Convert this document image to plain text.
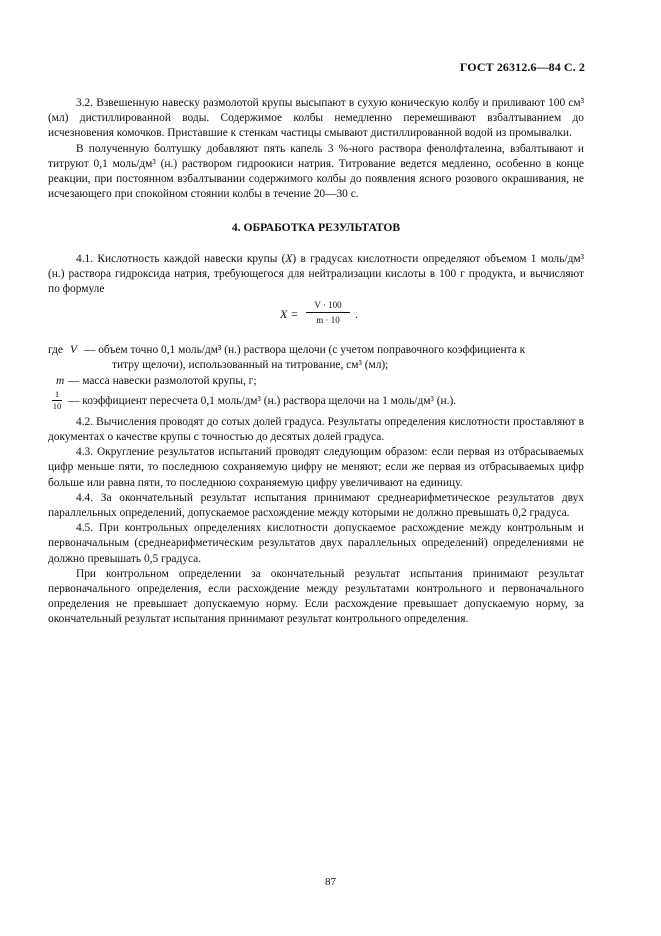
ГОСТ 26312.6—84 С. 2

3.2. Взвешенную навеску размолотой крупы высыпают в сухую коническую колбу и приливают 100 см³ (мл) дистиллированной воды. Содержимое колбы немедленно перемешивают взбалтыванием до исчезновения комочков. Приставшие к стенкам частицы смывают дистиллированной водой из промывалки.

В полученную болтушку добавляют пять капель 3 %-ного раствора фенолфталеина, взбалтывают и титруют 0,1 моль/дм³ (н.) раствором гидроокиси натрия. Титрование ведется медленно, особенно в конце реакции, при постоянном взбалтывании содержимого колбы до появления ясного розового окрашивания, не исчезающего при спокойном стоянии колбы в течение 20—30 с.

4. ОБРАБОТКА РЕЗУЛЬТАТОВ

4.1. Кислотность каждой навески крупы (X) в градусах кислотности определяют объемом 1 моль/дм³ (н.) раствора гидроксида натрия, требующегося для нейтрализации кислоты в 100 г продукта, и вычисляют по формуле

$X = \frac{V \cdot 100}{m \cdot 10}$ .
где V — объем точно 0,1 моль/дм³ (н.) раствора щелочи (с учетом поправочного коэффициента к
титру щелочи), использованный на титрование, см³ (мл);
m — масса навески размолотой крупы, г;
$\frac{1}{10}$ — коэффициент пересчета 0,1 моль/дм³ (н.) раствора щелочи на 1 моль/дм³ (н.).

4.2. Вычисления проводят до сотых долей градуса. Результаты определения кислотности проставляют в документах о качестве крупы с точностью до десятых долей градуса.

4.3. Округление результатов испытаний проводят следующим образом: если первая из отбрасываемых цифр меньше пяти, то последнюю сохраняемую цифру не меняют; если же первая из отбрасываемых цифр больше или равна пяти, то последнюю сохраняемую цифру увеличивают на единицу.

4.4. За окончательный результат испытания принимают среднеарифметическое результатов двух параллельных определений, допускаемое расхождение между которыми не должно превышать 0,2 градуса.

4.5. При контрольных определениях кислотности допускаемое расхождение между контрольным и первоначальным (среднеарифметическим результатов двух параллельных определений) определениями не должно превышать 0,5 градуса.

При контрольном определении за окончательный результат испытания принимают результат первоначального определения, если расхождение между результатами контрольного и первоначального определения не превышает допускаемую норму. Если расхождение превышает допускаемую норму, за окончательный результат испытания принимают результат контрольного определения.

87
